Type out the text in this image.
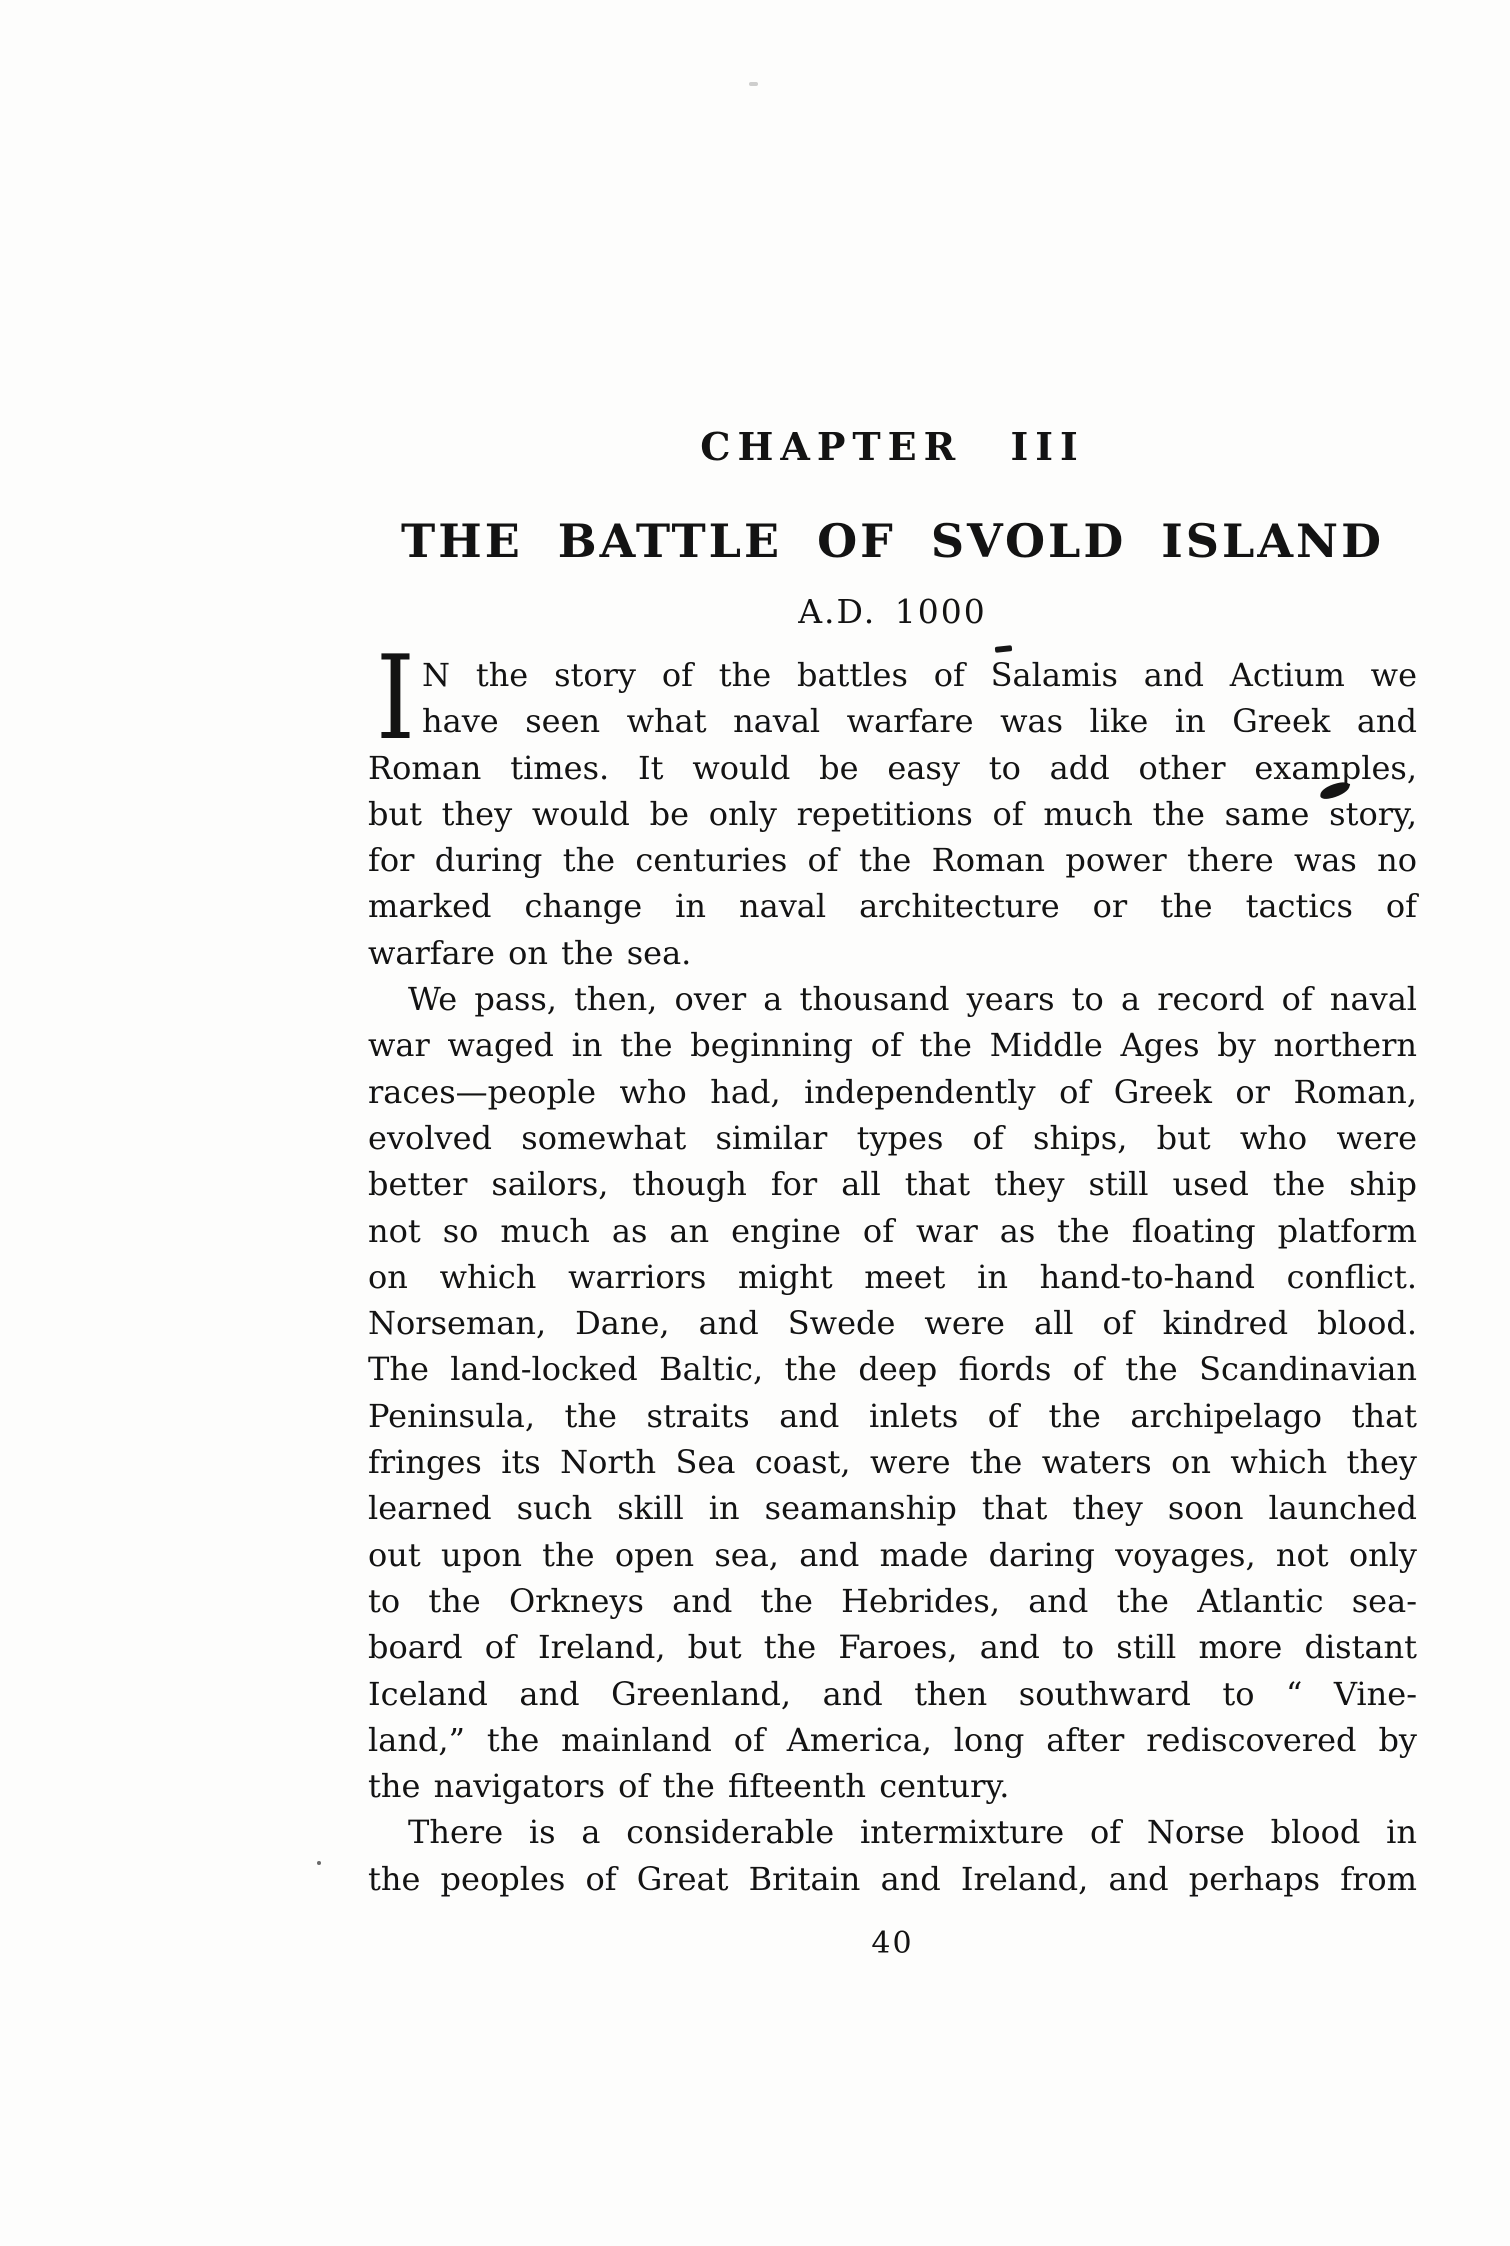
CHAPTER III
THE BATTLE OF SVOLD ISLAND
A.D. 1000
I N the story of the battles of Salamis and Actium we
have seen what naval warfare was like in Greek and
Roman times. It would be easy to add other examples,
but they would be only repetitions of much the same story,
for during the centuries of the Roman power there was no
marked change in naval architecture or the tactics of
warfare on the sea.
We pass, then, over a thousand years to a record of naval
war waged in the beginning of the Middle Ages by northern
races—people who had, independently of Greek or Roman,
evolved somewhat similar types of ships, but who were
better sailors, though for all that they still used the ship
not so much as an engine of war as the floating platform
on which warriors might meet in hand-to-hand conflict.
Norseman, Dane, and Swede were all of kindred blood.
The land-locked Baltic, the deep fiords of the Scandinavian
Peninsula, the straits and inlets of the archipelago that
fringes its North Sea coast, were the waters on which they
learned such skill in seamanship that they soon launched
out upon the open sea, and made daring voyages, not only
to the Orkneys and the Hebrides, and the Atlantic sea-
board of Ireland, but the Faroes, and to still more distant
Iceland and Greenland, and then southward to “ Vine-
land,” the mainland of America, long after rediscovered by
the navigators of the fifteenth century.
There is a considerable intermixture of Norse blood in
the peoples of Great Britain and Ireland, and perhaps from
40
